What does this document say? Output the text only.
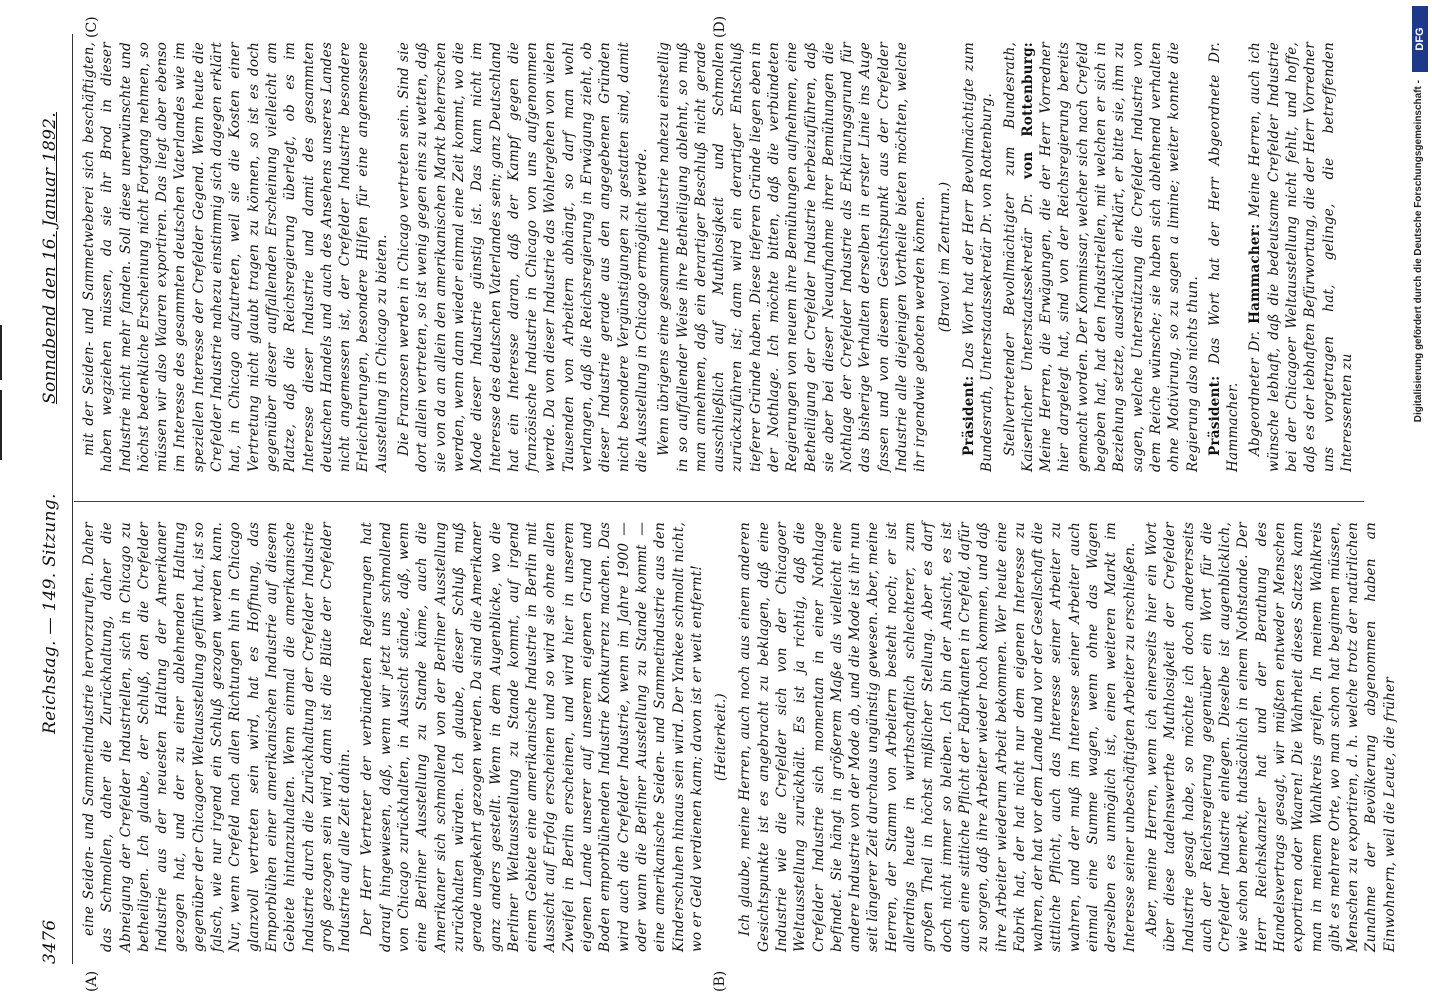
3476
Reichstag. — 149. Sitzung.
Sonnabend den 16. Januar 1892.
(A)	(B)
(C)	(D)

eine Seiden- und Sammetindustrie hervorzurufen. Daher das Schmollen, daher die Zurückhaltung, daher die Abneigung der Crefelder Industriellen, sich in Chicago zu betheiligen. Ich glaube, der Schluß, den die Crefelder Industrie aus der neuesten Haltung der Amerikaner gezogen hat, und der zu einer ablehnenden Haltung gegenüber der Chicagoer Weltausstellung geführt hat, ist so falsch, wie nur irgend ein Schluß gezogen werden kann. Nur, wenn Crefeld nach allen Richtungen hin in Chicago glanzvoll vertreten sein wird, hat es Hoffnung, das Emporblühen einer amerikanischen Industrie auf diesem Gebiete hintanzuhalten. Wenn einmal die amerikanische Industrie durch die Zurückhaltung der Crefelder Industrie groß gezogen sein wird, dann ist die Blüte der Crefelder Industrie auf alle Zeit dahin. Der Herr Vertreter der verbündeten Regierungen hat darauf hingewiesen, daß, wenn wir jetzt uns schmollend von Chicago zurückhalten, in Aussicht stände, daß, wenn eine Berliner Ausstellung zu Stande käme, auch die Amerikaner sich schmollend von der Berliner Ausstellung zurückhalten würden. Ich glaube, dieser Schluß muß gerade umgekehrt gezogen werden. Da sind die Amerikaner ganz anders gestellt. Wenn in dem Augenblicke, wo die Berliner Weltausstellung zu Stande kommt, auf irgend einem Gebiete eine amerikanische Industrie in Berlin mit Aussicht auf Erfolg erscheinen und so wird sie ohne allen Zweifel in Berlin erscheinen, und wird hier in unserem eigenen Lande unserer auf unserem eigenen Grund und Boden emporblühenden Industrie Konkurrenz machen. Das wird auch die Crefelder Industrie, wenn im Jahre 1900 — oder wann die Berliner Ausstellung zu Stande kommt — eine amerikanische Seiden- und Sammetindustrie aus den Kinderschuhen hinaus sein wird. Der Yankee schmollt nicht, wo er Geld verdienen kann; davon ist er weit entfernt! (Heiterkeit.) Ich glaube, meine Herren, auch noch aus einem anderen Gesichtspunkte ist es angebracht zu beklagen, daß eine Industrie wie die Crefelder sich von der Chicagoer Weltausstellung zurückhält. Es ist ja richtig, daß die Crefelder Industrie sich momentan in einer Nothlage befindet. Sie hängt in größerem Maße als vielleicht eine andere Industrie von der Mode ab, und die Mode ist ihr nun seit längerer Zeit durchaus ungünstig gewesen. Aber, meine Herren, der Stamm von Arbeitern besteht noch; er ist allerdings heute in wirthschaftlich schlechterer, zum großen Theil in höchst mißlicher Stellung. Aber es darf doch nicht immer so bleiben. Ich bin der Ansicht, es ist auch eine sittliche Pflicht der Fabrikanten in Crefeld, dafür zu sorgen, daß ihre Arbeiter wieder hoch kommen, und daß ihre Arbeiter wiederum Arbeit bekommen. Wer heute eine Fabrik hat, der hat nicht nur dem eigenen Interesse zu wahren, der hat vor dem Lande und vor der Gesellschaft die sittliche Pflicht, auch das Interesse seiner Arbeiter zu wahren, und der muß im Interesse seiner Arbeiter auch einmal eine Summe wagen, wenn ohne das Wagen derselben es unmöglich ist, einen weiteren Markt im Interesse seiner unbeschäftigten Arbeiter zu erschließen. Aber, meine Herren, wenn ich einerseits hier ein Wort über diese tadelnswerthe Muthlosigkeit der Crefelder Industrie gesagt habe, so möchte ich doch andererseits auch der Reichsregierung gegenüber ein Wort für die Crefelder Industrie einlegen. Dieselbe ist augenblicklich, wie schon bemerkt, thatsächlich in einem Nothstande. Der Herr Reichskanzler hat und der Berathung des Handelsvertrags gesagt, wir müßten entweder Menschen exportiren oder Waaren! Die Wahrheit dieses Satzes kann man in meinem Wahlkreis greifen. In meinem Wahlkreis gibt es mehrere Orte, wo man schon hat beginnen müssen, Menschen zu exportiren, d. h. welche trotz der natürlichen Zunahme der Bevölkerung abgenommen haben an Einwohnern, weil die Leute, die früher

mit der Seiden- und Sammetweberei sich beschäftigten, haben wegziehen müssen, da sie ihr Brod in dieser Industrie nicht mehr fanden. Soll diese unerwünschte und höchst bedenkliche Erscheinung nicht Fortgang nehmen, so müssen wir also Waaren exportiren. Das liegt aber ebenso im Interesse des gesammten deutschen Vaterlandes wie im speziellen Interesse der Crefelder Gegend. Wenn heute die Crefelder Industrie nahezu einstimmig sich dagegen erklärt hat, in Chicago aufzutreten, weil sie die Kosten einer Vertretung nicht glaubt tragen zu können, so ist es doch gegenüber dieser auffallenden Erscheinung vielleicht am Platze, daß die Reichsregierung überlegt, ob es im Interesse dieser Industrie und damit des gesammten deutschen Handels und auch des Ansehens unseres Landes nicht angemessen ist, der Crefelder Industrie besondere Erleichterungen, besondere Hilfen für eine angemessene Ausstellung in Chicago zu bieten. Die Franzosen werden in Chicago vertreten sein. Sind sie dort allein vertreten, so ist wenig gegen eins zu wetten, daß sie von da an allein den amerikanischen Markt beherrschen werden, wenn dann wieder einmal eine Zeit kommt, wo die Mode dieser Industrie günstig ist. Das kann nicht im Interesse des deutschen Vaterlandes sein; ganz Deutschland hat ein Interesse daran, daß der Kampf gegen die französische Industrie in Chicago von uns aufgenommen werde. Da von dieser Industrie das Wohlergehen von vielen Tausenden von Arbeitern abhängt, so darf man wohl verlangen, daß die Reichsregierung in Erwägung zieht, ob dieser Industrie gerade aus den angegebenen Gründen nicht besondere Vergünstigungen zu gestatten sind, damit die Ausstellung in Chicago ermöglicht werde. Wenn übrigens eine gesammte Industrie nahezu einstellig in so auffallender Weise ihre Betheiligung ablehnt, so muß man annehmen, daß ein derartiger Beschluß nicht gerade ausschließlich auf Muthlosigkeit und Schmollen zurückzuführen ist; dann wird ein derartiger Entschluß tieferer Gründe haben. Diese tieferen Gründe liegen eben in der Nothlage. Ich möchte bitten, daß die verbündeten Regierungen von neuem ihre Bemühungen aufnehmen, eine Betheiligung der Crefelder Industrie herbeizuführen, daß sie aber bei dieser Neuaufnahme ihrer Bemühungen die Nothlage der Crefelder Industrie als Erklärungsgrund für das bisherige Verhalten derselben in erster Linie ins Auge fassen und von diesem Gesichtspunkt aus der Crefelder Industrie alle diejenigen Vortheile bieten möchten, welche ihr irgendwie geboten werden können. (Bravo! im Zentrum.)

Präsident: Das Wort hat der Herr Bevollmächtigte zum Bundesrath, Unterstaatssekretär Dr. von Rottenburg. Stellvertretender Bevollmächtigter zum Bundesrath, Kaiserlicher Unterstaatssekretär Dr. von Rottenburg: Meine Herren, die Erwägungen, die der Herr Vorredner hier dargelegt hat, sind von der Reichsregierung bereits gemacht worden. Der Kommissar, welcher sich nach Crefeld begeben hat, hat den Industriellen, mit welchen er sich in Beziehung setzte, ausdrücklich erklärt, er bitte sie, ihm zu sagen, welche Unterstützung die Crefelder Industrie von dem Reiche wünsche; sie haben sich ablehnend verhalten ohne Motivirung, so zu sagen a limine; weiter konnte die Regierung also nichts thun. Präsident: Das Wort hat der Herr Abgeordnete Dr. Hammacher. Abgeordneter Dr. Hammacher: Meine Herren, auch ich wünsche lebhaft, daß die bedeutsame Crefelder Industrie bei der Chicagoer Weltausstellung nicht fehlt, und hoffe, daß es der lebhaften Befürwortung, die der Herr Vorredner uns vorgetragen hat, gelinge, die betreffenden Interessenten zu	Digitalisierung gefördert durch die Deutsche Forschungsgemeinschaft -
DFG
